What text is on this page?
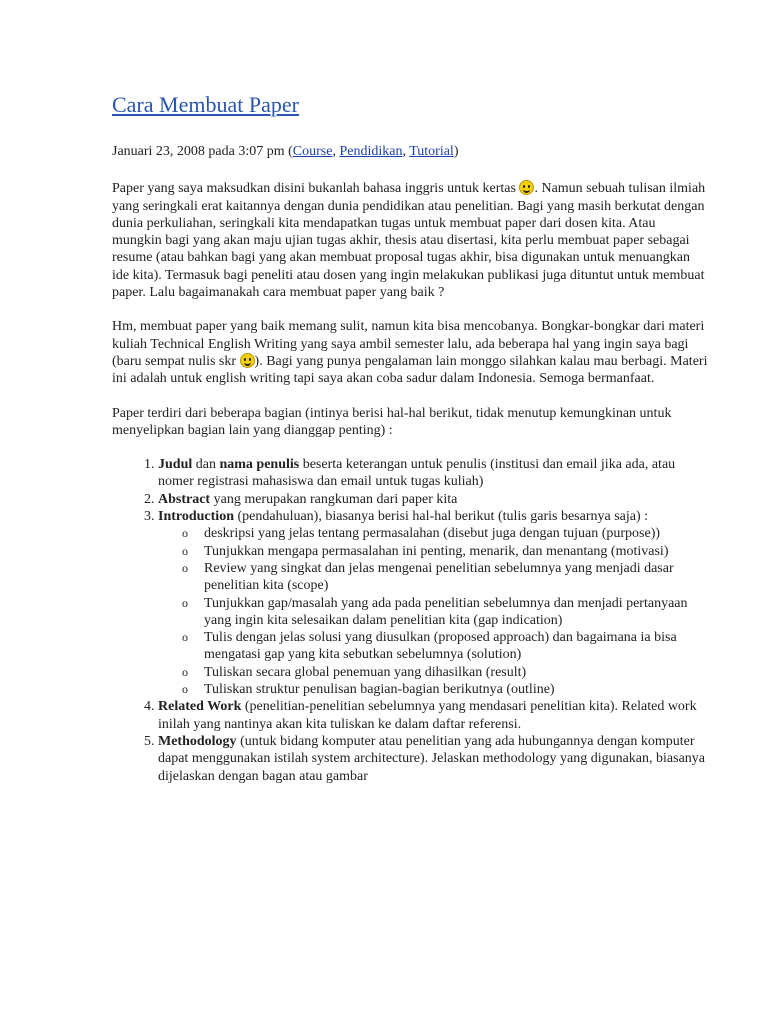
Cara Membuat Paper

Januari 23, 2008 pada 3:07 pm (Course, Pendidikan, Tutorial)

Paper yang saya maksudkan disini bukanlah bahasa inggris untuk kertas . Namun sebuah tulisan ilmiah yang seringkali erat kaitannya dengan dunia pendidikan atau penelitian. Bagi yang masih berkutat dengan dunia perkuliahan, seringkali kita mendapatkan tugas untuk membuat paper dari dosen kita. Atau mungkin bagi yang akan maju ujian tugas akhir, thesis atau disertasi, kita perlu membuat paper sebagai resume (atau bahkan bagi yang akan membuat proposal tugas akhir, bisa digunakan untuk menuangkan ide kita). Termasuk bagi peneliti atau dosen yang ingin melakukan publikasi juga dituntut untuk membuat paper. Lalu bagaimanakah cara membuat paper yang baik ?

Hm, membuat paper yang baik memang sulit, namun kita bisa mencobanya. Bongkar-bongkar dari materi kuliah Technical English Writing yang saya ambil semester lalu, ada beberapa hal yang ingin saya bagi (baru sempat nulis skr ). Bagi yang punya pengalaman lain monggo silahkan kalau mau berbagi. Materi ini adalah untuk english writing tapi saya akan coba sadur dalam Indonesia. Semoga bermanfaat.

Paper terdiri dari beberapa bagian (intinya berisi hal-hal berikut, tidak menutup kemungkinan untuk menyelipkan bagian lain yang dianggap penting) :

1. Judul dan nama penulis beserta keterangan untuk penulis (institusi dan email jika ada, atau nomer registrasi mahasiswa dan email untuk tugas kuliah)
2. Abstract yang merupakan rangkuman dari paper kita
3. Introduction (pendahuluan), biasanya berisi hal-hal berikut (tulis garis besarnya saja) :
o deskripsi yang jelas tentang permasalahan (disebut juga dengan tujuan (purpose))
o Tunjukkan mengapa permasalahan ini penting, menarik, dan menantang (motivasi)
o Review yang singkat dan jelas mengenai penelitian sebelumnya yang menjadi dasar penelitian kita (scope)
o Tunjukkan gap/masalah yang ada pada penelitian sebelumnya dan menjadi pertanyaan yang ingin kita selesaikan dalam penelitian kita (gap indication)
o Tulis dengan jelas solusi yang diusulkan (proposed approach) dan bagaimana ia bisa mengatasi gap yang kita sebutkan sebelumnya (solution)
o Tuliskan secara global penemuan yang dihasilkan (result)
o Tuliskan struktur penulisan bagian-bagian berikutnya (outline)
4. Related Work (penelitian-penelitian sebelumnya yang mendasari penelitian kita). Related work inilah yang nantinya akan kita tuliskan ke dalam daftar referensi.
5. Methodology (untuk bidang komputer atau penelitian yang ada hubungannya dengan komputer dapat menggunakan istilah system architecture). Jelaskan methodology yang digunakan, biasanya dijelaskan dengan bagan atau gambar
